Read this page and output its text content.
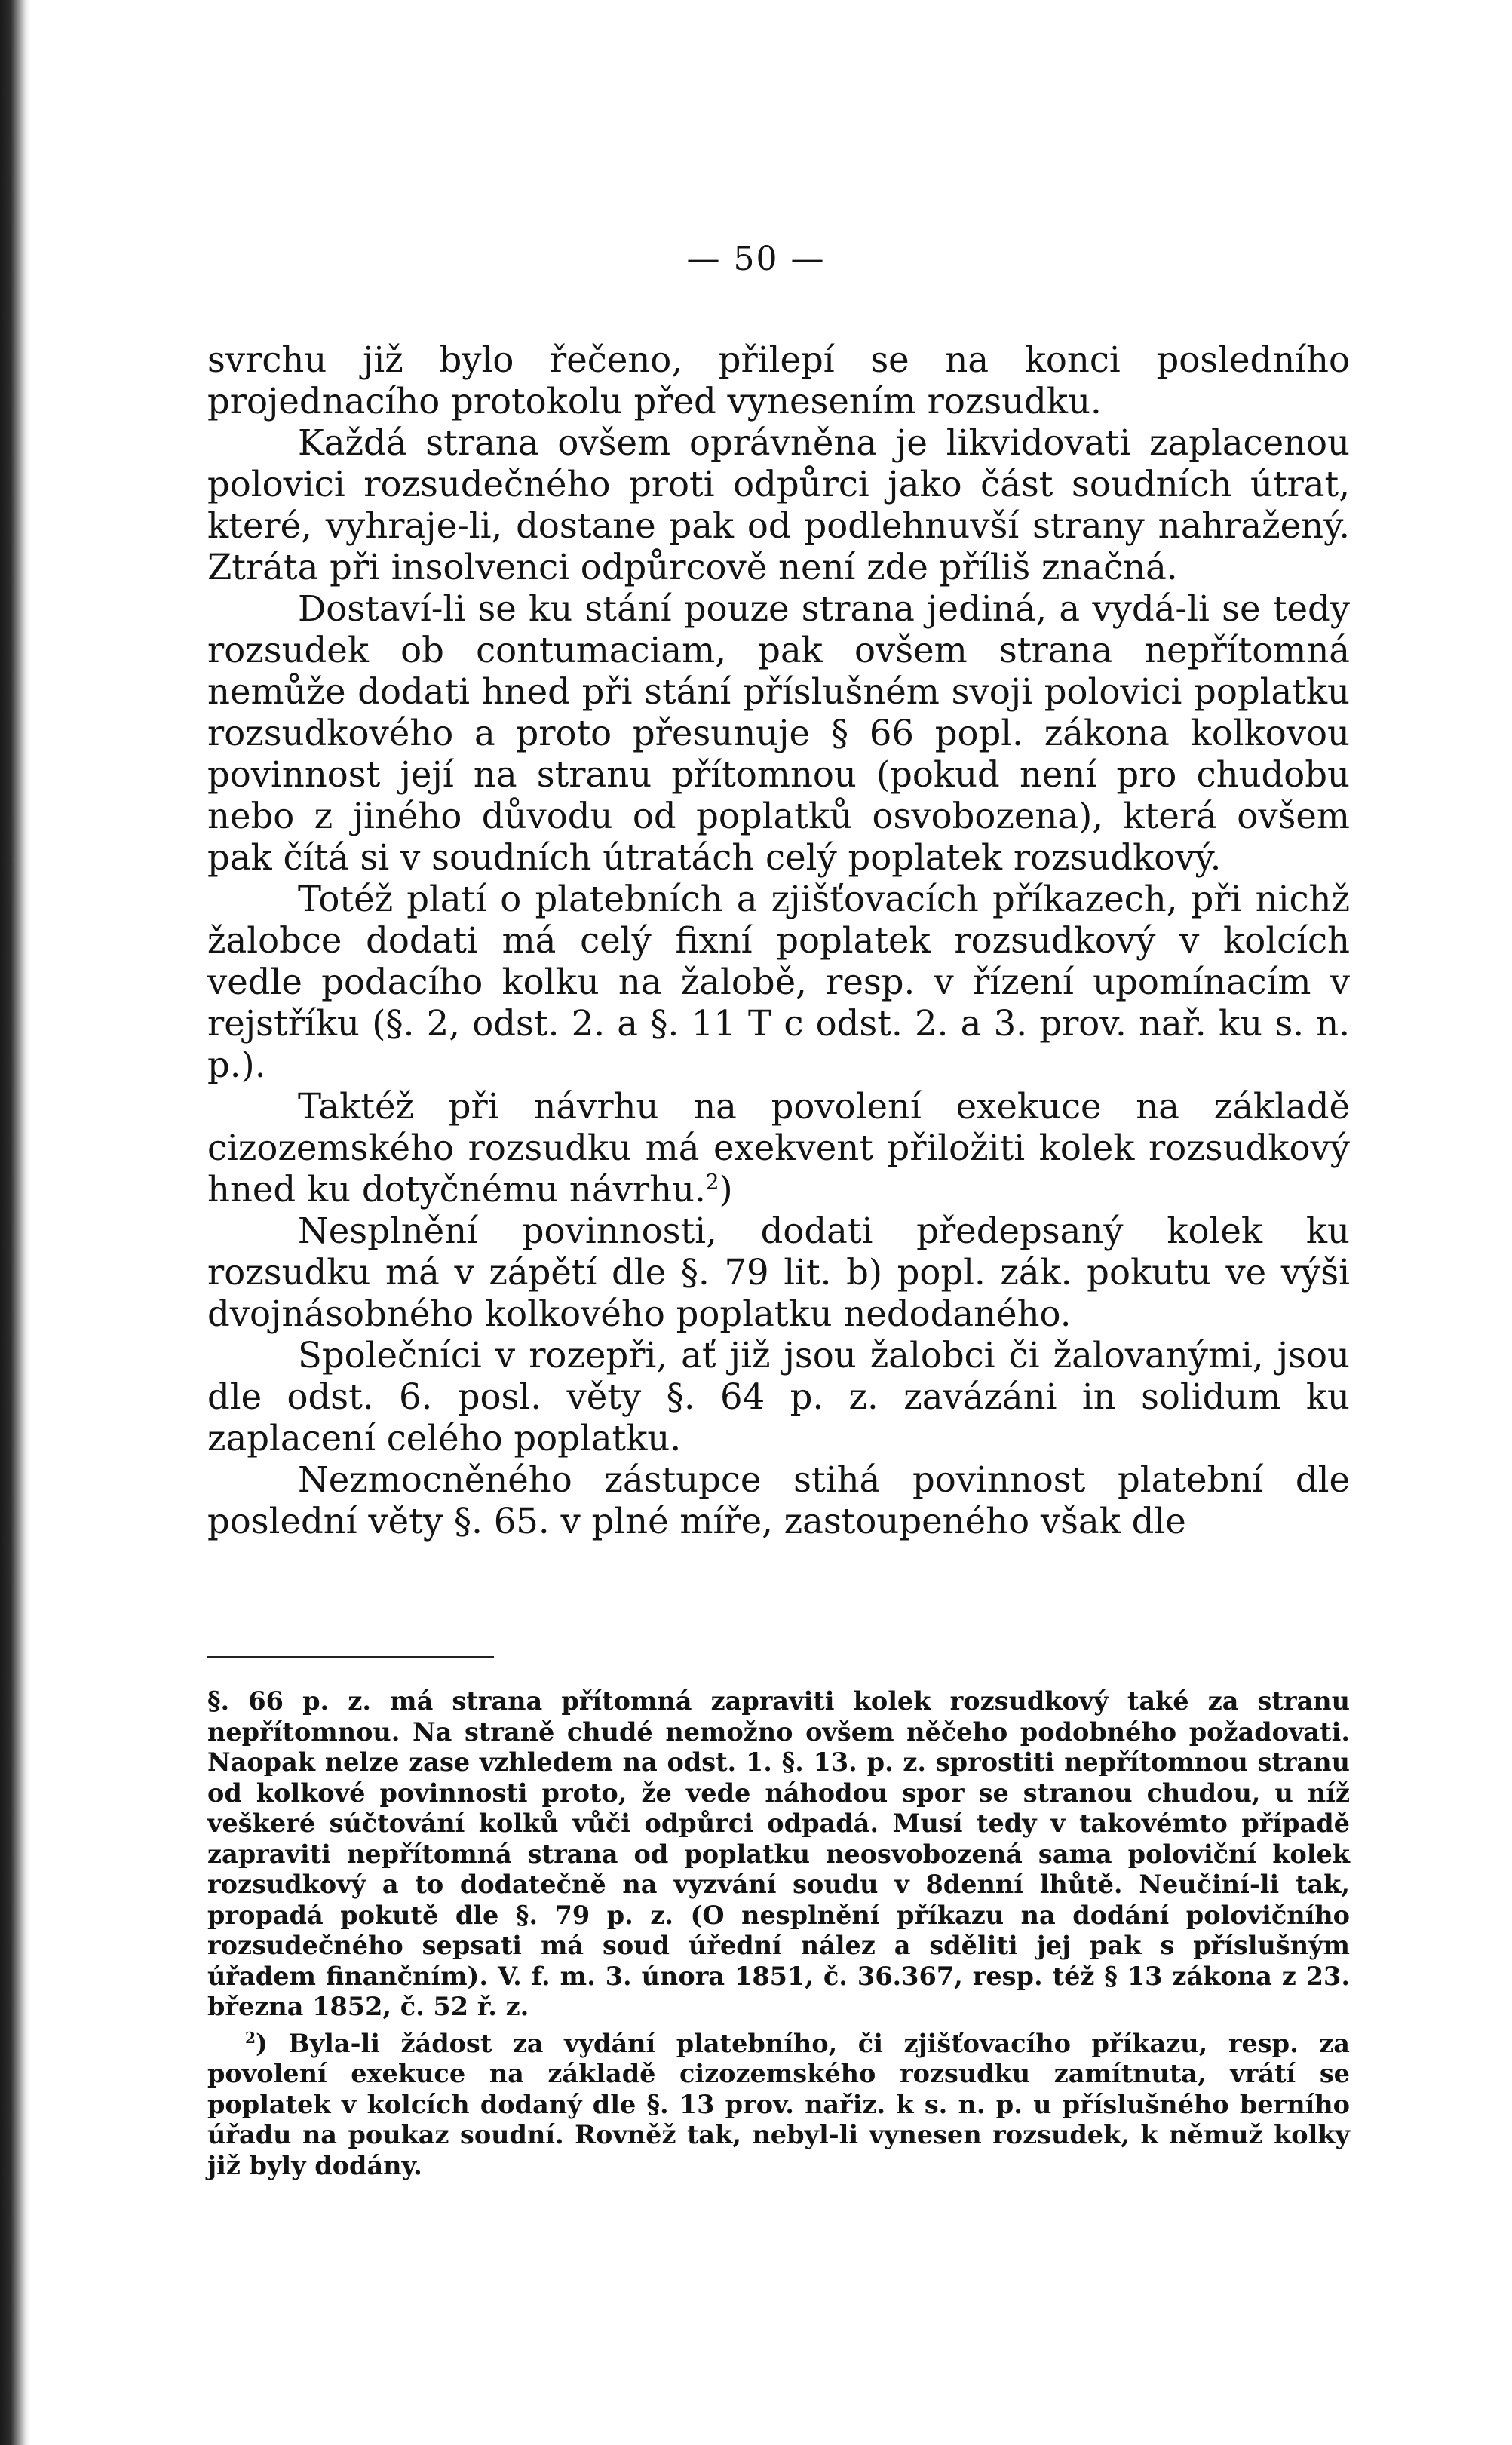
— 50 —

svrchu již bylo řečeno, přilepí se na konci posledního projednacího protokolu před vynesením rozsudku.

Každá strana ovšem oprávněna je likvidovati zaplacenou polovici rozsudečného proti odpůrci jako část soudních útrat, které, vyhraje-li, dostane pak od podlehnuvší strany nahražený. Ztráta při insolvenci odpůrcově není zde příliš značná.

Dostaví-li se ku stání pouze strana jediná, a vydá-li se tedy rozsudek ob contumaciam, pak ovšem strana nepřítomná nemůže dodati hned při stání příslušném svoji polovici poplatku rozsudkového a proto přesunuje § 66 popl. zákona kolkovou povinnost její na stranu přítomnou (pokud není pro chudobu nebo z jiného důvodu od poplatků osvobozena), která ovšem pak čítá si v soudních útratách celý poplatek rozsudkový.

Totéž platí o platebních a zjišťovacích příkazech, při nichž žalobce dodati má celý fixní poplatek rozsudkový v kolcích vedle podacího kolku na žalobě, resp. v řízení upomínacím v rejstříku (§. 2, odst. 2. a §. 11 T c odst. 2. a 3. prov. nař. ku s. n. p.).

Taktéž při návrhu na povolení exekuce na základě cizozemského rozsudku má exekvent přiložiti kolek rozsudkový hned ku dotyčnému návrhu.$^2$)

Nesplnění povinnosti, dodati předepsaný kolek ku rozsudku má v zápětí dle §. 79 lit. b) popl. zák. pokutu ve výši dvojnásobného kolkového poplatku nedodaného.

Společníci v rozepři, ať již jsou žalobci či žalovanými, jsou dle odst. 6. posl. věty §. 64 p. z. zavázáni in solidum ku zaplacení celého poplatku.

Nezmocněného zástupce stihá povinnost platební dle poslední věty §. 65. v plné míře, zastoupeného však dle

§. 66 p. z. má strana přítomná zapraviti kolek rozsudkový také za stranu nepřítomnou. Na straně chudé nemožno ovšem něčeho podobného požadovati. Naopak nelze zase vzhledem na odst. 1. §. 13. p. z. sprostiti nepřítomnou stranu od kolkové povinnosti proto, že vede náhodou spor se stranou chudou, u níž veškeré súčtování kolků vůči odpůrci odpadá. Musí tedy v takovémto případě zapraviti nepřítomná strana od poplatku neosvobozená sama poloviční kolek rozsudkový a to dodatečně na vyzvání soudu v 8denní lhůtě. Neučiní-li tak, propadá pokutě dle §. 79 p. z. (O nesplnění příkazu na dodání polovičního rozsudečného sepsati má soud úřední nález a sděliti jej pak s příslušným úřadem finančním). V. f. m. 3. února 1851, č. 36.367, resp. též § 13 zákona z 23. března 1852, č. 52 ř. z.

$^2$) Byla-li žádost za vydání platebního, či zjišťovacího příkazu, resp. za povolení exekuce na základě cizozemského rozsudku zamítnuta, vrátí se poplatek v kolcích dodaný dle §. 13 prov. nařiz. k s. n. p. u příslušného berního úřadu na poukaz soudní. Rovněž tak, nebyl-li vynesen rozsudek, k němuž kolky již byly dodány.
